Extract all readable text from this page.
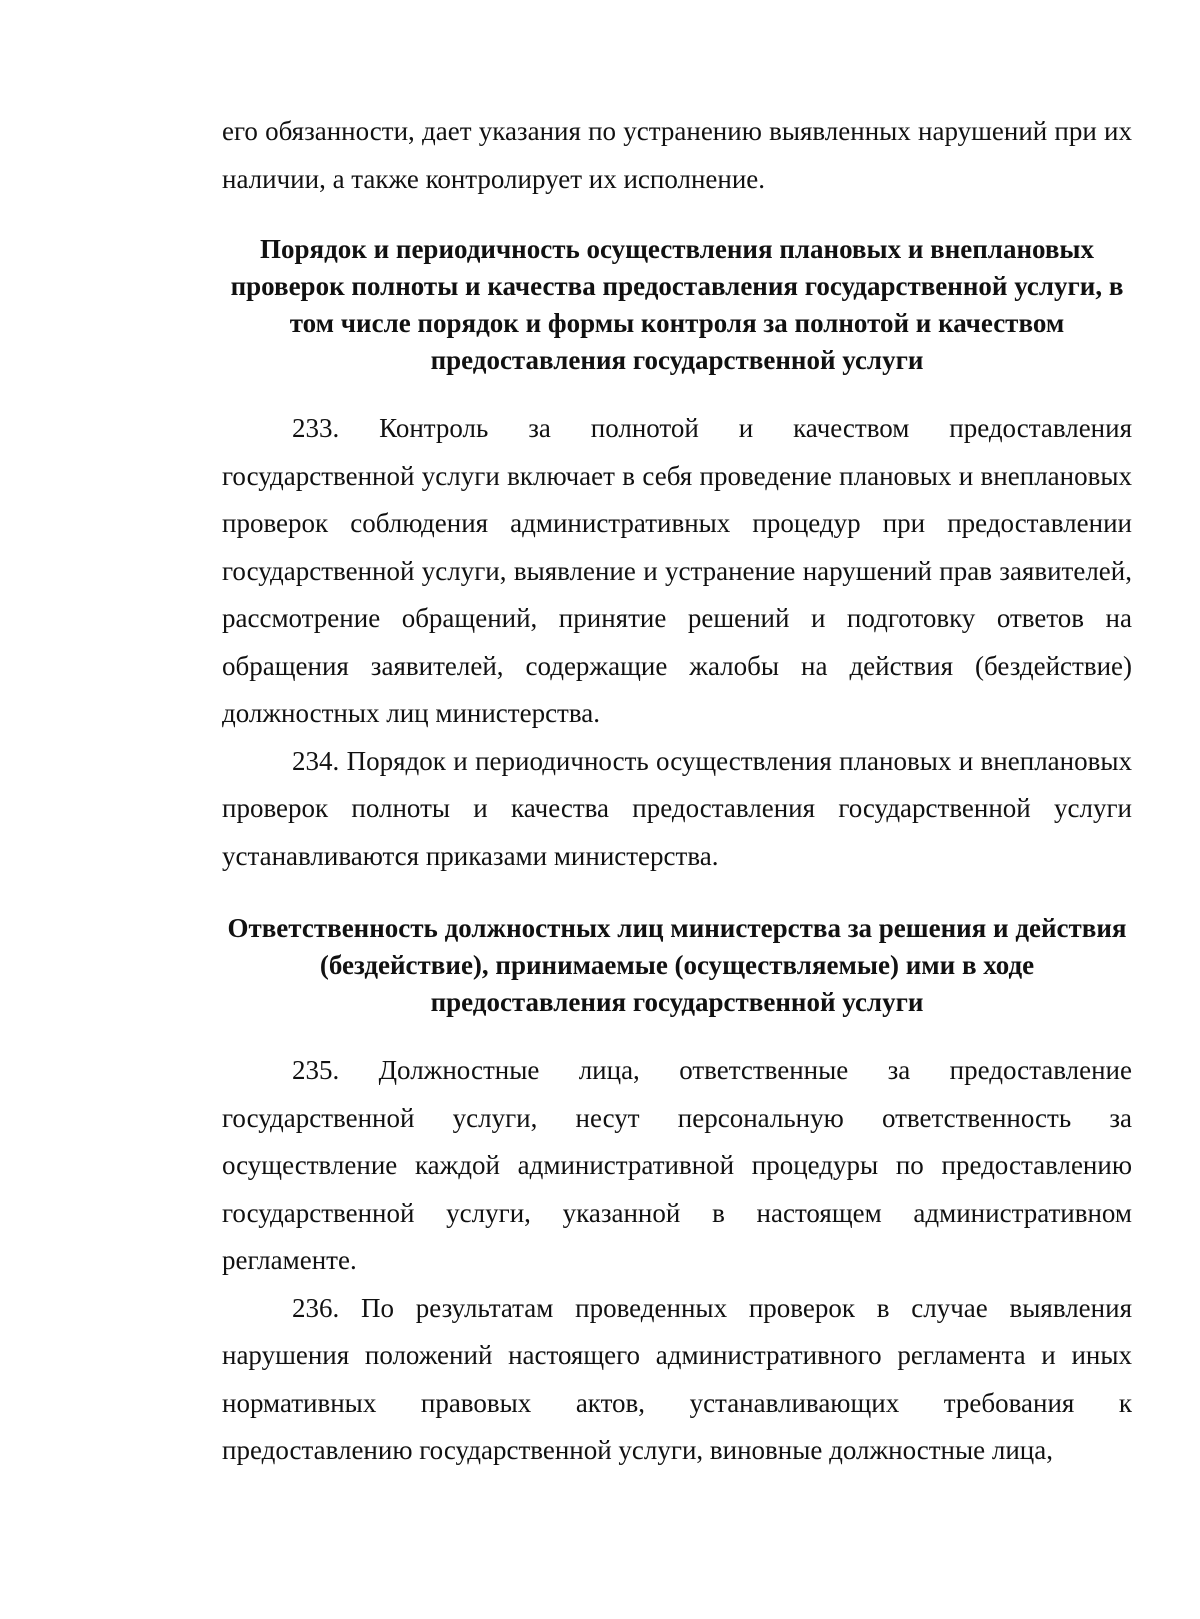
его обязанности, дает указания по устранению выявленных нарушений при их наличии, а также контролирует их исполнение.

Порядок и периодичность осуществления плановых и внеплановых проверок полноты и качества предоставления государственной услуги, в том числе порядок и формы контроля за полнотой и качеством предоставления государственной услуги

233. Контроль за полнотой и качеством предоставления государственной услуги включает в себя проведение плановых и внеплановых проверок соблюдения административных процедур при предоставлении государственной услуги, выявление и устранение нарушений прав заявителей, рассмотрение обращений, принятие решений и подготовку ответов на обращения заявителей, содержащие жалобы на действия (бездействие) должностных лиц министерства.

234. Порядок и периодичность осуществления плановых и внеплановых проверок полноты и качества предоставления государственной услуги устанавливаются приказами министерства.

Ответственность должностных лиц министерства за решения и действия (бездействие), принимаемые (осуществляемые) ими в ходе предоставления государственной услуги

235. Должностные лица, ответственные за предоставление государственной услуги, несут персональную ответственность за осуществление каждой административной процедуры по предоставлению государственной услуги, указанной в настоящем административном регламенте.

236. По результатам проведенных проверок в случае выявления нарушения положений настоящего административного регламента и иных нормативных правовых актов, устанавливающих требования к предоставлению государственной услуги, виновные должностные лица,
